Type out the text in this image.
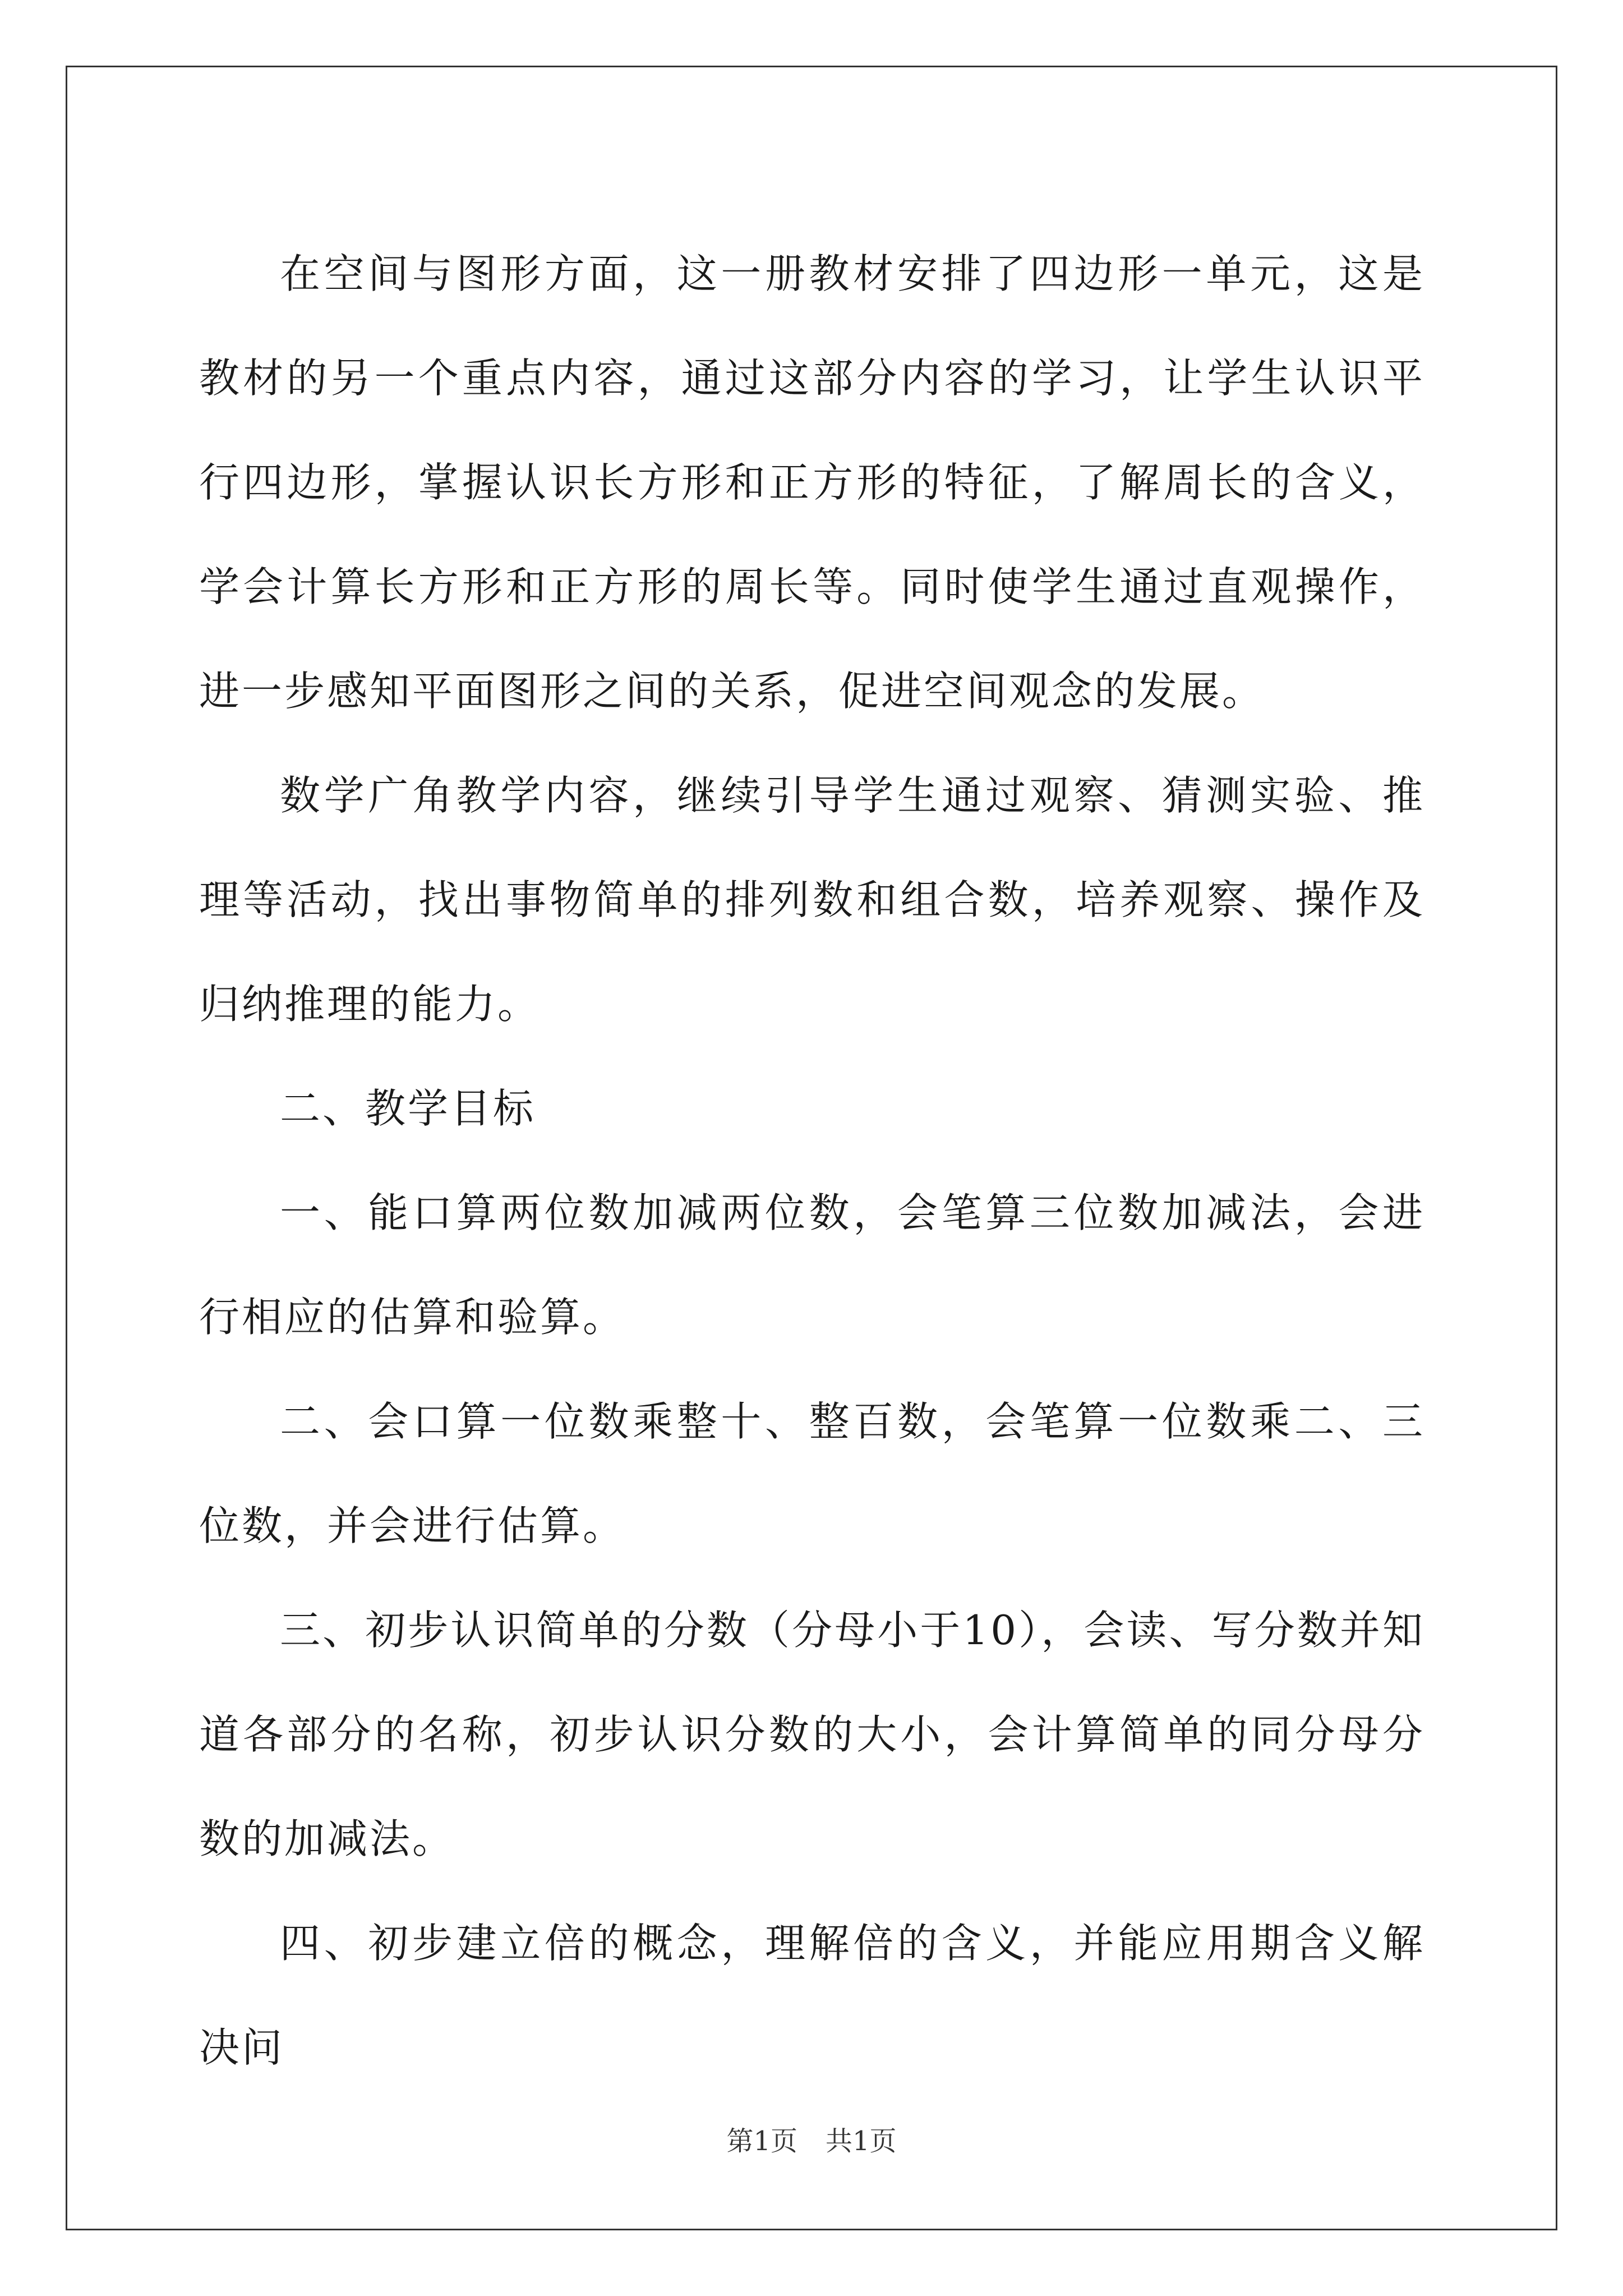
在空间与图形方面，这一册教材安排了四边形一单元，这是教材的另一个重点内容，通过这部分内容的学习，让学生认识平行四边形，掌握认识长方形和正方形的特征，了解周长的含义，学会计算长方形和正方形的周长等。同时使学生通过直观操作，进一步感知平面图形之间的关系，促进空间观念的发展。

数学广角教学内容，继续引导学生通过观察、猜测实验、推理等活动，找出事物简单的排列数和组合数，培养观察、操作及归纳推理的能力。

二、教学目标

一、能口算两位数加减两位数，会笔算三位数加减法，会进行相应的估算和验算。

二、会口算一位数乘整十、整百数，会笔算一位数乘二、三位数，并会进行估算。

三、初步认识简单的分数（分母小于10），会读、写分数并知道各部分的名称，初步认识分数的大小，会计算简单的同分母分数的加减法。

四、初步建立倍的概念，理解倍的含义，并能应用期含义解决问

第1页 共1页
